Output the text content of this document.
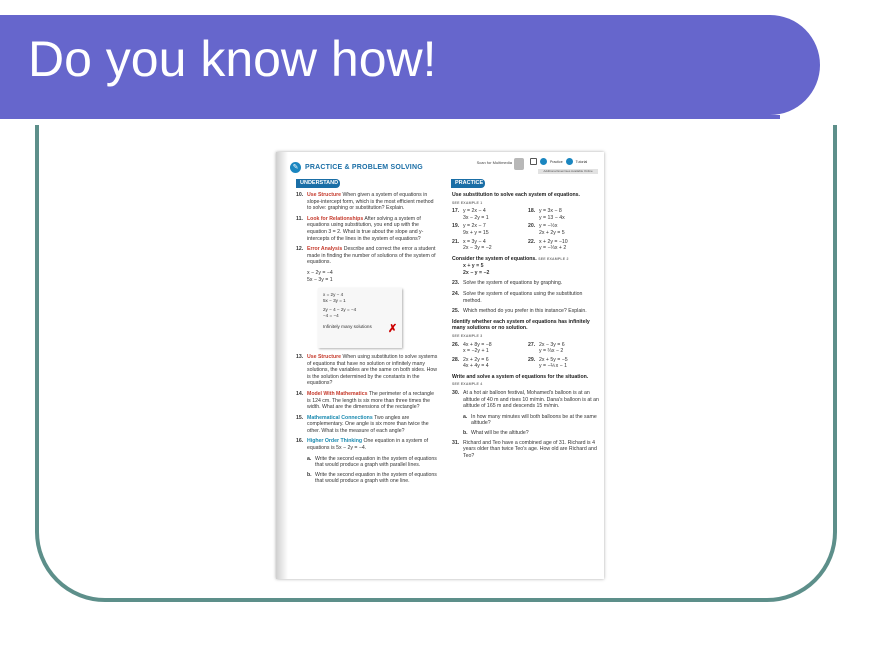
Do you know how!
✎ PRACTICE & PROBLEM SOLVING
Scan for Multimedia	Practice	Tutorial
Additional Exercises Available Online
UNDERSTAND	PRACTICE
10. Use Structure When given a system of equations in slope-intercept form, which is the most efficient method to solve: graphing or substitution? Explain.
11. Look for Relationships After solving a system of equations using substitution, you end up with the equation 3 = 2. What is true about the slope and y-intercepts of the lines in the system of equations?
12. Error Analysis Describe and correct the error a student made in finding the number of solutions of the system of equations.
x − 2y = −4
5x − 3y = 1
x = 2y − 4
5x − 3y = 1
2y − 4 − 2y = −4
−4 = −4
Infinitely many solutions	✗
13. Use Structure When using substitution to solve systems of equations that have no solution or infinitely many solutions, the variables are the same on both sides. How is the solution determined by the constants in the equations?
14. Model With Mathematics The perimeter of a rectangle is 124 cm. The length is six more than three times the width. What are the dimensions of the rectangle?
15. Mathematical Connections Two angles are complementary. One angle is six more than twice the other. What is the measure of each angle?
16. Higher Order Thinking One equation in a system of equations is 5x − 2y = −4.
a. Write the second equation in the system of equations that would produce a graph with parallel lines.
b. Write the second equation in the system of equations that would produce a graph with one line.
Use substitution to solve each system of equations.
SEE EXAMPLE 1
17. y = 2x − 4
3x − 2y = 1
18. y = 3x − 8
y = 13 − 4x
19. y = 2x − 7
9x + y = 15
20. y = −½x
2x + 2y = 5
21. x = 3y − 4
2x − 3y = −2
22. x + 2y = −10
y = −⅓x + 2
Consider the system of equations. SEE EXAMPLE 2
x + y = 5
2x − y = −2
23. Solve the system of equations by graphing.
24. Solve the system of equations using the substitution method.
25. Which method do you prefer in this instance? Explain.
Identify whether each system of equations has infinitely many solutions or no solution.
SEE EXAMPLE 3
26. 4x + 8y = −8
x = −2y + 1
27. 2x − 3y = 6
y = ⅔x − 2
28. 2x + 2y = 6
4x + 4y = 4
29. 2x + 5y = −5
y = −⅖x − 1
Write and solve a system of equations for the situation.
SEE EXAMPLE 4
30. At a hot air balloon festival, Mohamed's balloon is at an altitude of 40 m and rises 10 m/min. Dana's balloon is at an altitude of 165 m and descends 15 m/min.
a. In how many minutes will both balloons be at the same altitude?
b. What will be the altitude?
31. Richard and Teo have a combined age of 31. Richard is 4 years older than twice Teo's age. How old are Richard and Teo?
